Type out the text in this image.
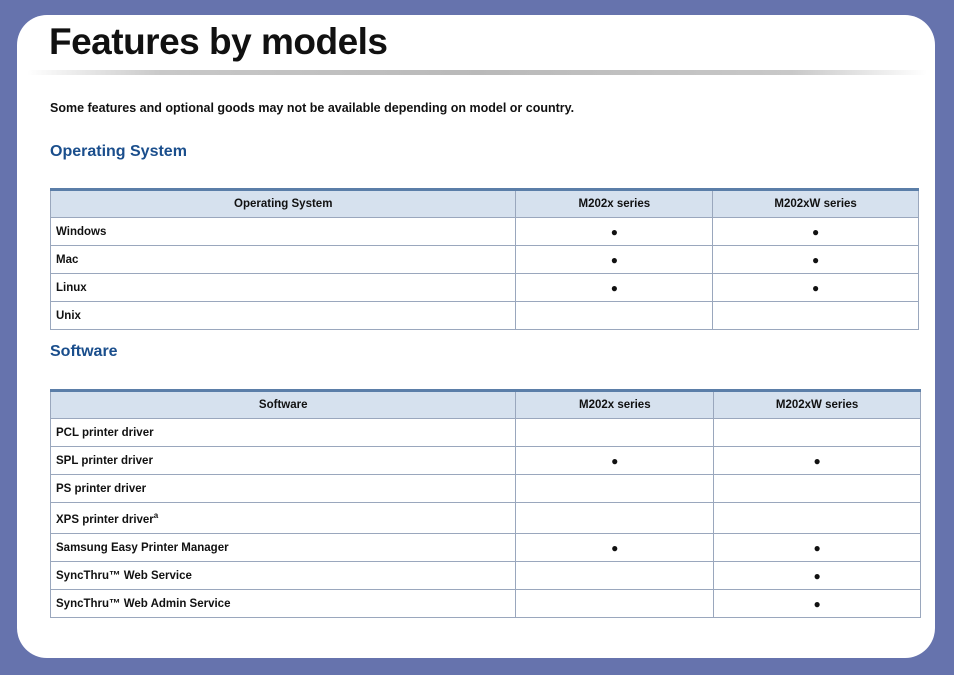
Features by models
Some features and optional goods may not be available depending on model or country.
Operating System
Operating System	M202x series	M202xW series
Windows	●	●
Mac	●	●
Linux	●	●
Unix		
Software
Software	M202x series	M202xW series
PCL printer driver		
SPL printer driver	●	●
PS printer driver		
XPS printer driver$^a$		
Samsung Easy Printer Manager	●	●
SyncThru™ Web Service		●
SyncThru™ Web Admin Service		●
